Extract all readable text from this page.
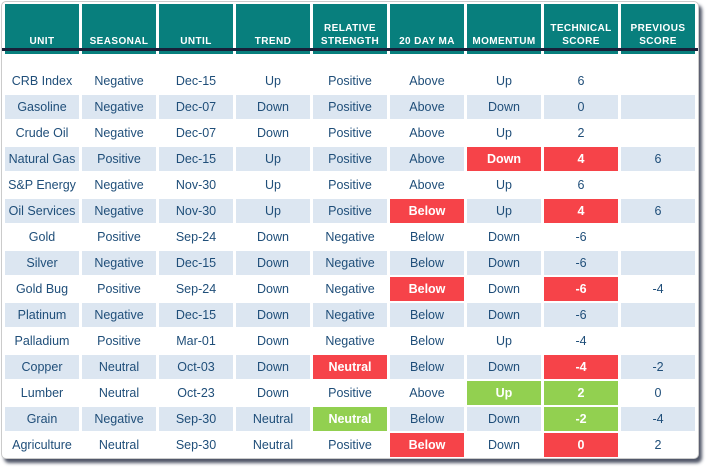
UNIT	SEASONAL	UNTIL	TREND	RELATIVE STRENGTH	20 DAY MA	MOMENTUM	TECHNICAL SCORE	PREVIOUS SCORE

CRB Index	Negative	Dec-15	Up	Positive	Above	Up	6	
Gasoline	Negative	Dec-07	Down	Positive	Above	Down	0	
Crude Oil	Negative	Dec-07	Down	Positive	Above	Up	2	
Natural Gas	Positive	Dec-15	Up	Positive	Above	Down	4	6
S&P Energy	Negative	Nov-30	Up	Positive	Above	Up	6	
Oil Services	Negative	Nov-30	Up	Positive	Below	Up	4	6
Gold	Positive	Sep-24	Down	Negative	Below	Down	-6	
Silver	Negative	Dec-15	Down	Negative	Below	Down	-6	
Gold Bug	Positive	Sep-24	Down	Negative	Below	Down	-6	-4
Platinum	Negative	Dec-15	Down	Negative	Below	Down	-6	
Palladium	Positive	Mar-01	Down	Negative	Below	Up	-4	
Copper	Neutral	Oct-03	Down	Neutral	Below	Down	-4	-2
Lumber	Neutral	Oct-23	Down	Positive	Above	Up	2	0
Grain	Negative	Sep-30	Neutral	Neutral	Below	Down	-2	-4
Agriculture	Neutral	Sep-30	Neutral	Positive	Below	Down	0	2
